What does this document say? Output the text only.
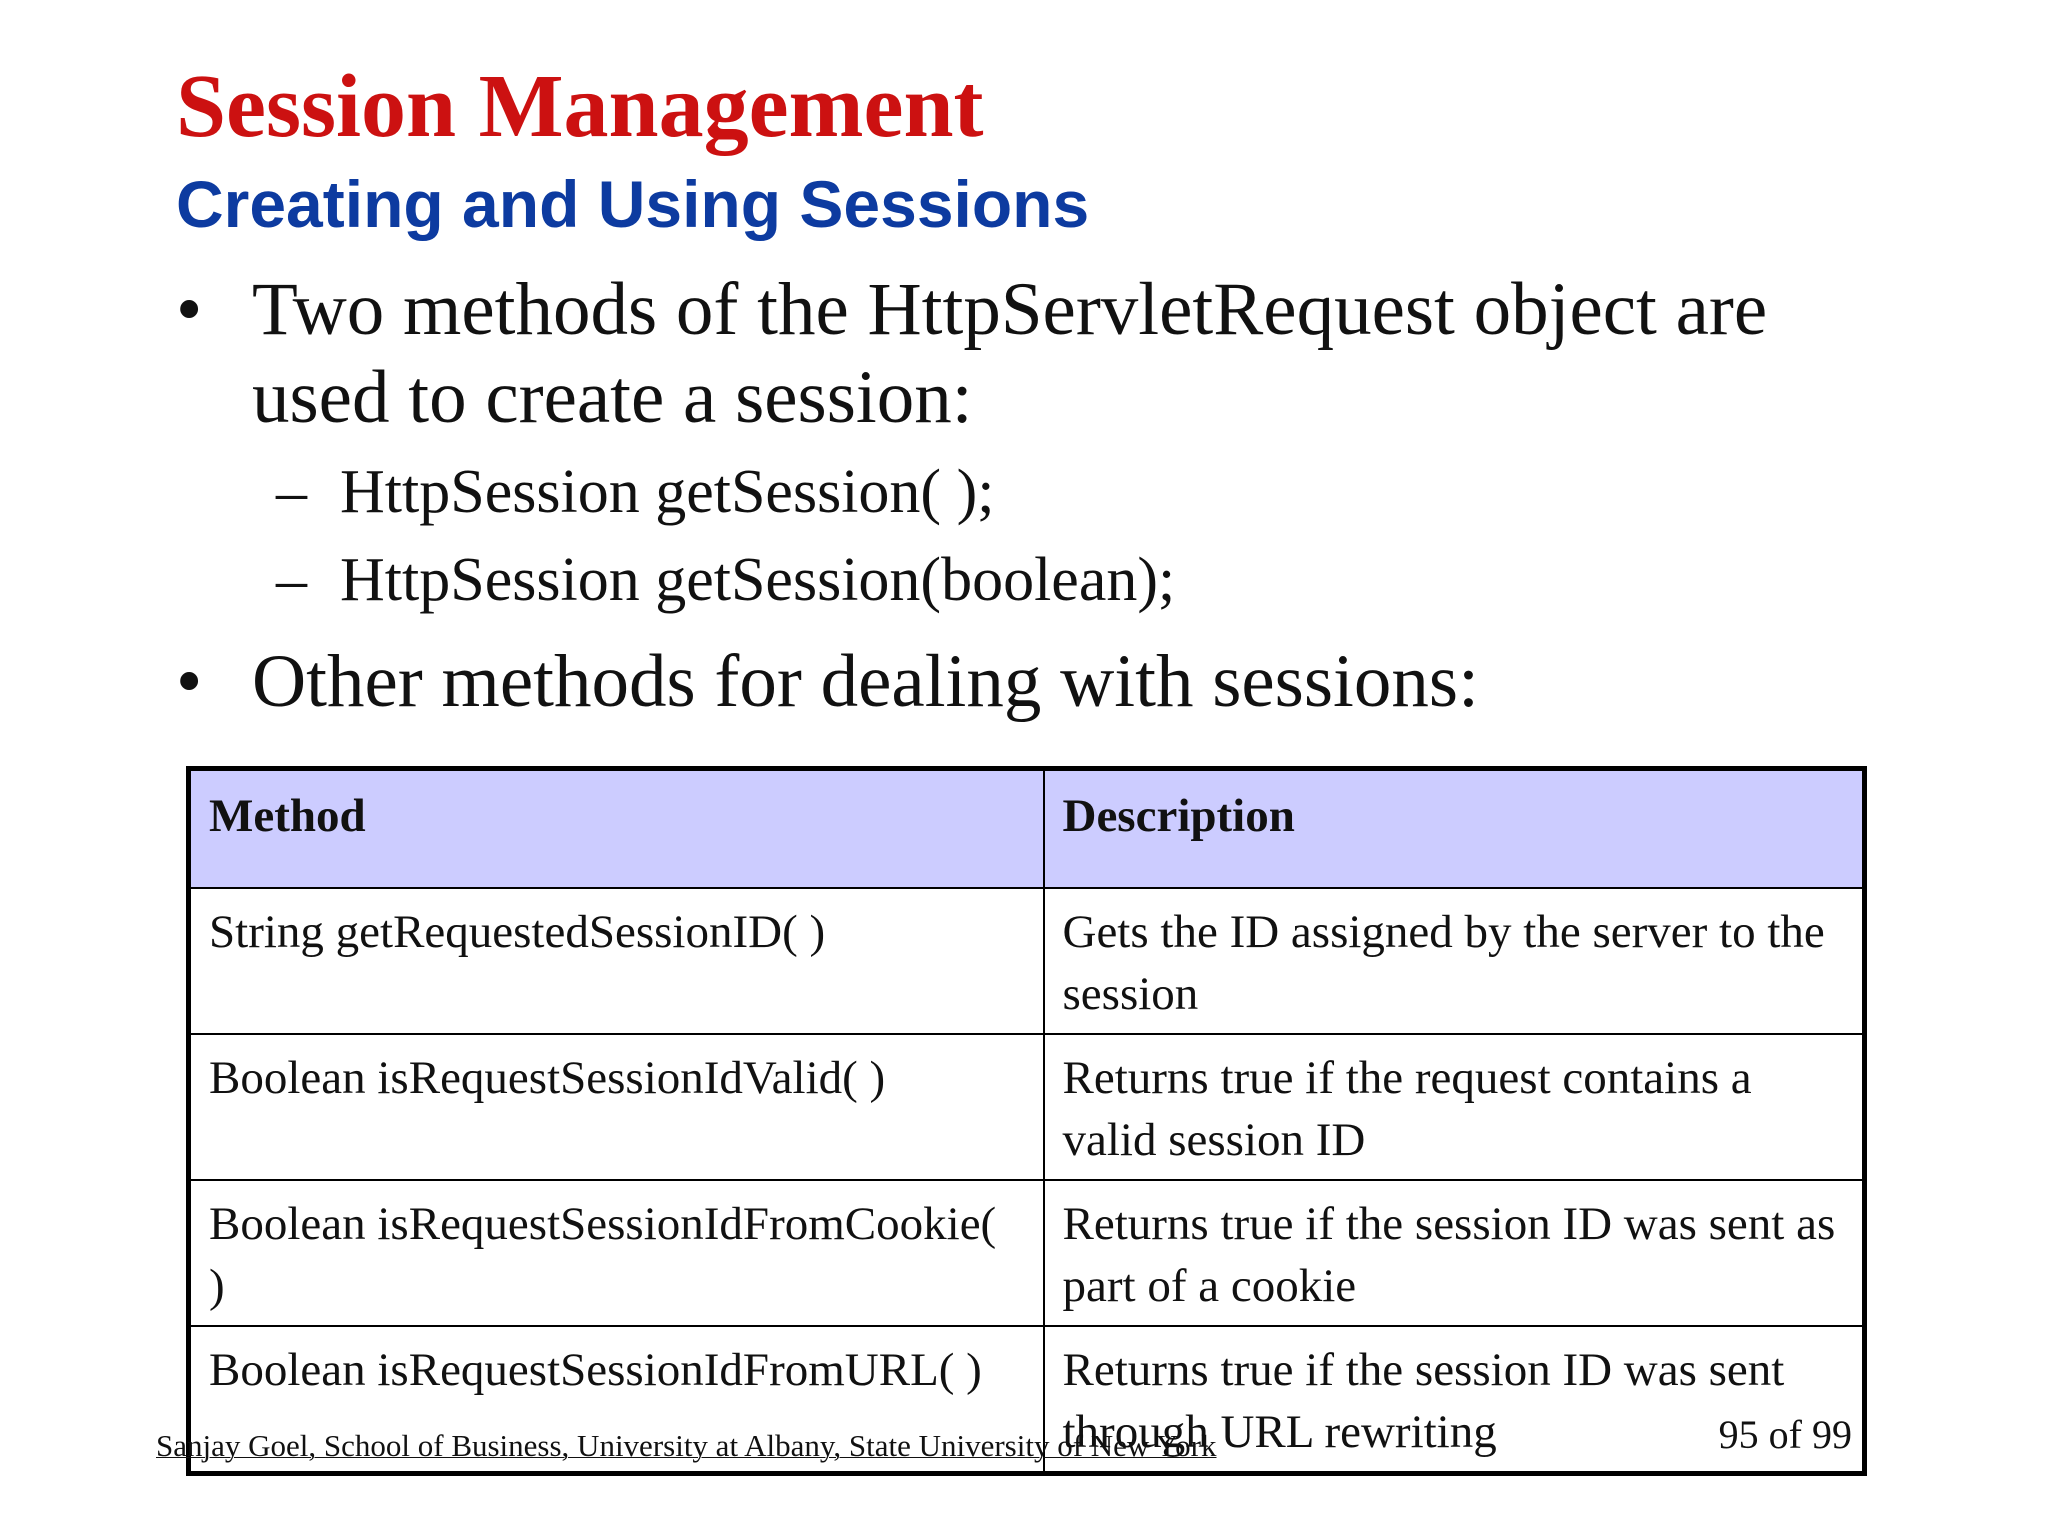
Session Management
Creating and Using Sessions
• Two methods of the HttpServletRequest object are
used to create a session:
– HttpSession getSession( );
– HttpSession getSession(boolean);
• Other methods for dealing with sessions:
Method	Description
String getRequestedSessionID( )	Gets the ID assigned by the server to the session
Boolean isRequestSessionIdValid( )	Returns true if the request contains a valid session ID
Boolean isRequestSessionIdFromCookie( )	Returns true if the session ID was sent as part of a cookie
Boolean isRequestSessionIdFromURL( )	Returns true if the session ID was sent through URL rewriting
Sanjay Goel, School of Business, University at Albany, State University of New York	95 of 99
